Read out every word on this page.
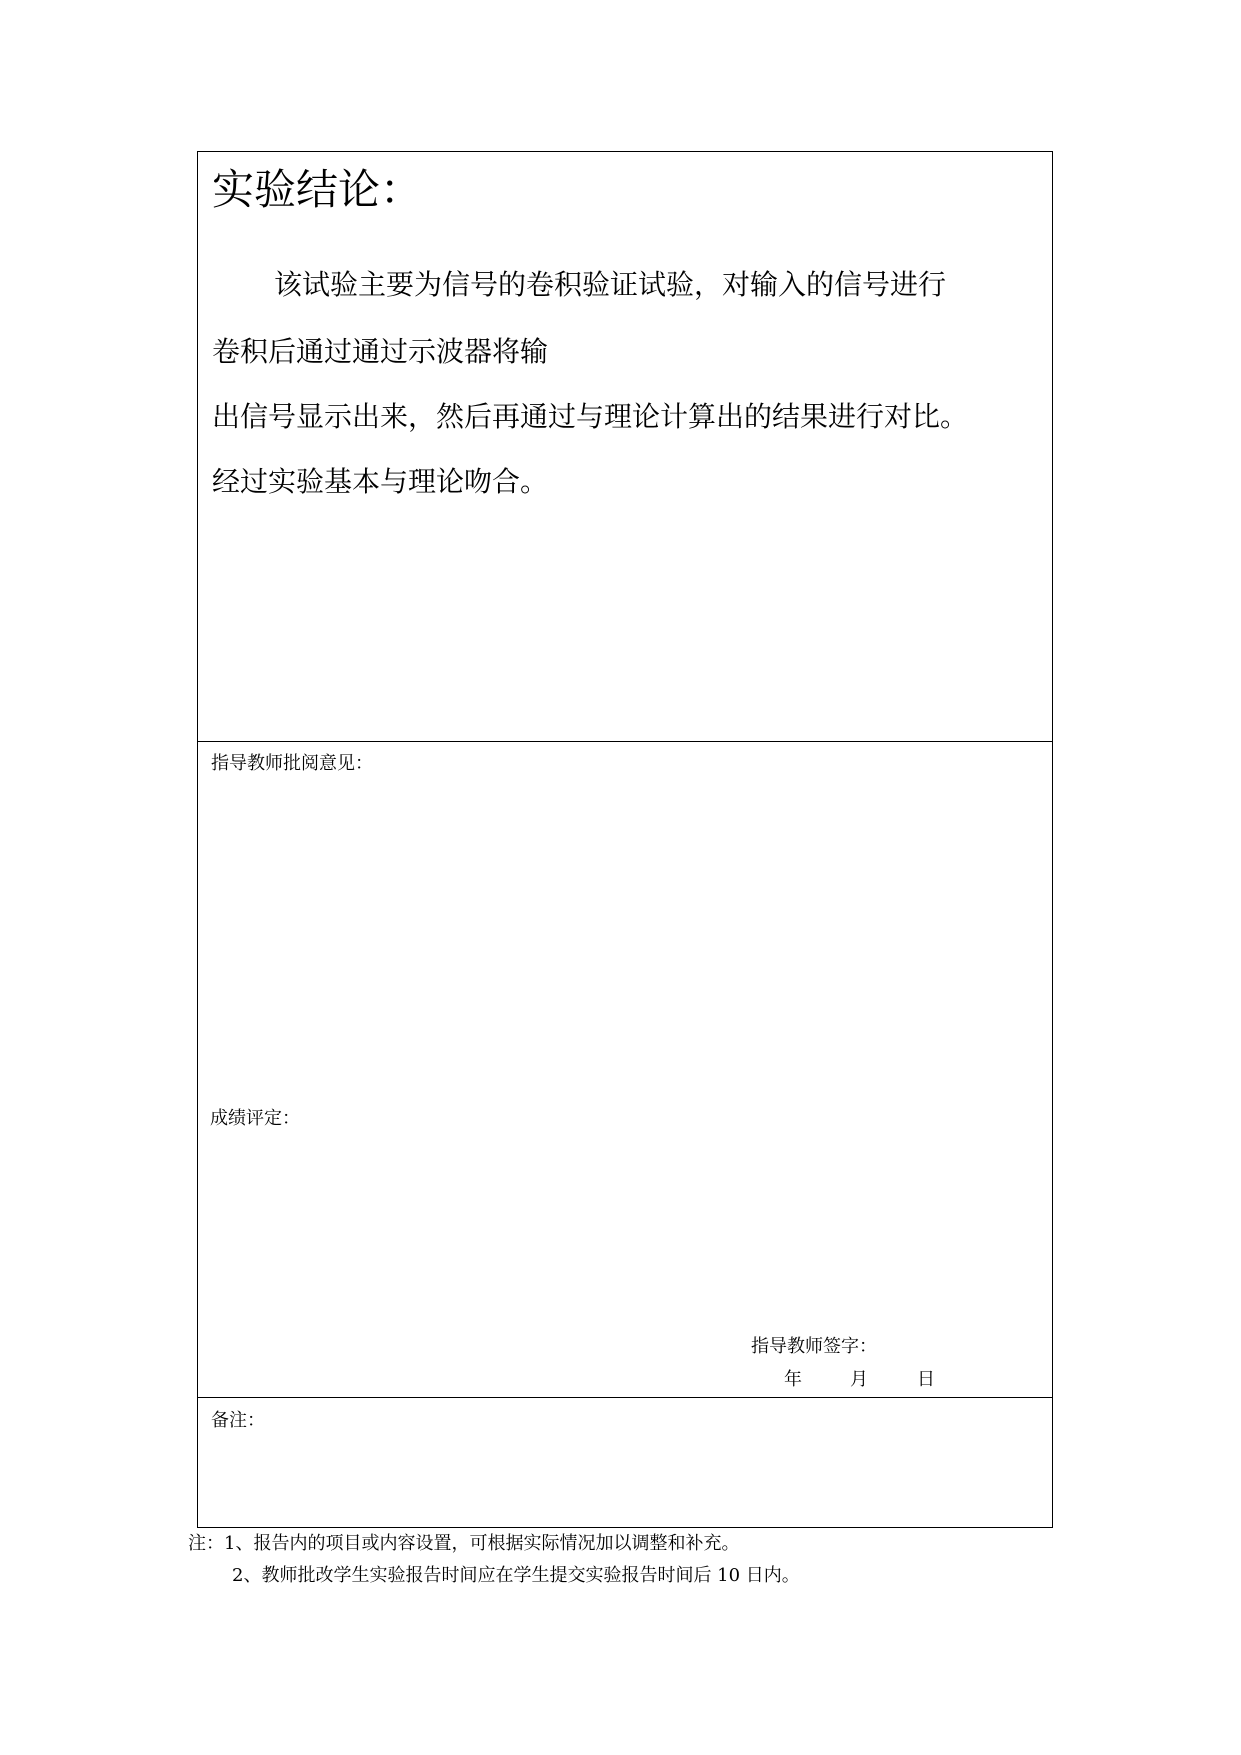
实验结论：
该试验主要为信号的卷积验证试验，对输入的信号进行
卷积后通过通过示波器将输
出信号显示出来，然后再通过与理论计算出的结果进行对比。
经过实验基本与理论吻合。
指导教师批阅意见：
成绩评定：
指导教师签字：
年	月	日
备注：
注：1、报告内的项目或内容设置，可根据实际情况加以调整和补充。
2、教师批改学生实验报告时间应在学生提交实验报告时间后 10 日内。
